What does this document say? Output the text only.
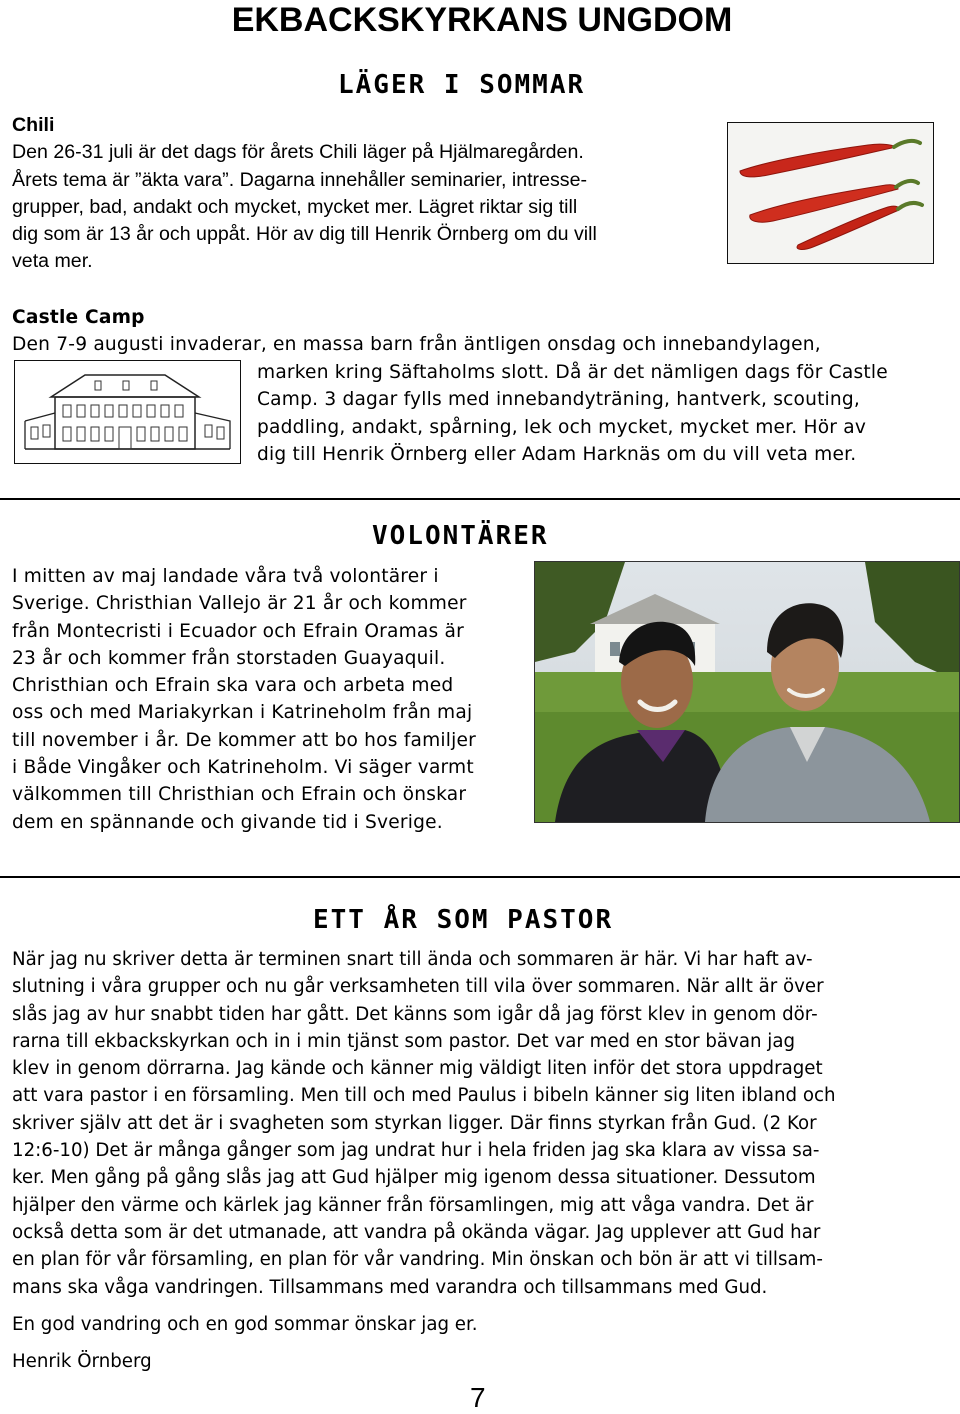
EKBACKSKYRKANS UNGDOM
LÄGER I SOMMAR

Chili

Den 26-31 juli är det dags för årets Chili läger på Hjälmaregården.

Årets tema är ”äkta vara”. Dagarna innehåller seminarier, intresse-

grupper, bad, andakt och mycket, mycket mer. Lägret riktar sig till

dig som är 13 år och uppåt. Hör av dig till Henrik Örnberg om du vill

veta mer.

Castle Camp

Den 7-9 augusti invaderar, en massa barn från äntligen onsdag och innebandylagen,

marken kring Säftaholms slott. Då är det nämligen dags för Castle

Camp. 3 dagar fylls med innebandyträning, hantverk, scouting,

paddling, andakt, spårning, lek och mycket, mycket mer. Hör av

dig till Henrik Örnberg eller Adam Harknäs om du vill veta mer.

VOLONTÄRER

I mitten av maj landade våra två volontärer i

Sverige. Christhian Vallejo är 21 år och kommer

från Montecristi i Ecuador och Efrain Oramas är

23 år och kommer från storstaden Guayaquil.

Christhian och Efrain ska vara och arbeta med

oss och med Mariakyrkan i Katrineholm från maj

till november i år. De kommer att bo hos familjer

i Både Vingåker och Katrineholm. Vi säger varmt

välkommen till Christhian och Efrain och önskar

dem en spännande och givande tid i Sverige.

ETT ÅR SOM PASTOR

När jag nu skriver detta är terminen snart till ända och sommaren är här. Vi har haft av-

slutning i våra grupper och nu går verksamheten till vila över sommaren. När allt är över

slås jag av hur snabbt tiden har gått. Det känns som igår då jag först klev in genom dör-

rarna till ekbackskyrkan och in i min tjänst som pastor. Det var med en stor bävan jag

klev in genom dörrarna. Jag kände och känner mig väldigt liten inför det stora uppdraget

att vara pastor i en församling. Men till och med Paulus i bibeln känner sig liten ibland och

skriver själv att det är i svagheten som styrkan ligger. Där finns styrkan från Gud. (2 Kor

12:6-10) Det är många gånger som jag undrat hur i hela friden jag ska klara av vissa sa-

ker. Men gång på gång slås jag att Gud hjälper mig igenom dessa situationer. Dessutom

hjälper den värme och kärlek jag känner från församlingen, mig att våga vandra. Det är

också detta som är det utmanade, att vandra på okända vägar. Jag upplever att Gud har

en plan för vår församling, en plan för vår vandring. Min önskan och bön är att vi tillsam-

mans ska våga vandringen. Tillsammans med varandra och tillsammans med Gud.

En god vandring och en god sommar önskar jag er.
Henrik Örnberg
7
